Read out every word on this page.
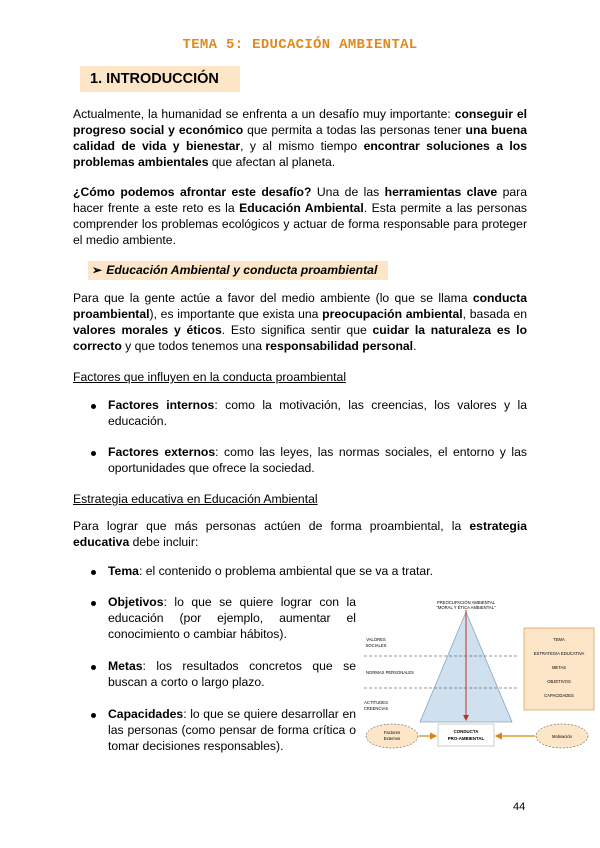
TEMA 5: EDUCACIÓN AMBIENTAL
1. INTRODUCCIÓN
Actualmente, la humanidad se enfrenta a un desafío muy importante: conseguir el progreso social y económico que permita a todas las personas tener una buena calidad de vida y bienestar, y al mismo tiempo encontrar soluciones a los problemas ambientales que afectan al planeta.
¿Cómo podemos afrontar este desafío? Una de las herramientas clave para hacer frente a este reto es la Educación Ambiental. Esta permite a las personas comprender los problemas ecológicos y actuar de forma responsable para proteger el medio ambiente.
➢ Educación Ambiental y conducta proambiental
Para que la gente actúe a favor del medio ambiente (lo que se llama conducta proambiental), es importante que exista una preocupación ambiental, basada en valores morales y éticos. Esto significa sentir que cuidar la naturaleza es lo correcto y que todos tenemos una responsabilidad personal.
Factores que influyen en la conducta proambiental
Factores internos: como la motivación, las creencias, los valores y la educación.
Factores externos: como las leyes, las normas sociales, el entorno y las oportunidades que ofrece la sociedad.
Estrategia educativa en Educación Ambiental
Para lograr que más personas actúen de forma proambiental, la estrategia educativa debe incluir:
Tema: el contenido o problema ambiental que se va a tratar.
Objetivos: lo que se quiere lograr con la educación (por ejemplo, aumentar el conocimiento o cambiar hábitos).
Metas: los resultados concretos que se buscan a corto o largo plazo.
Capacidades: lo que se quiere desarrollar en las personas (como pensar de forma crítica o tomar decisiones responsables).
PREOCUPACIÓN AMBIENTAL
"MORAL Y ÉTICA AMBIENTAL"
VALORES
SOCIALES
NORMAS PERSONALES
ACTITUDES
CREENCIAS
TEMA
ESTRATEGIA EDUCATIVA
METAS
OBJETIVOS
CAPACIDADES
CONDUCTA
PRO-AMBIENTAL
Factores
Externos	Motivación
44
